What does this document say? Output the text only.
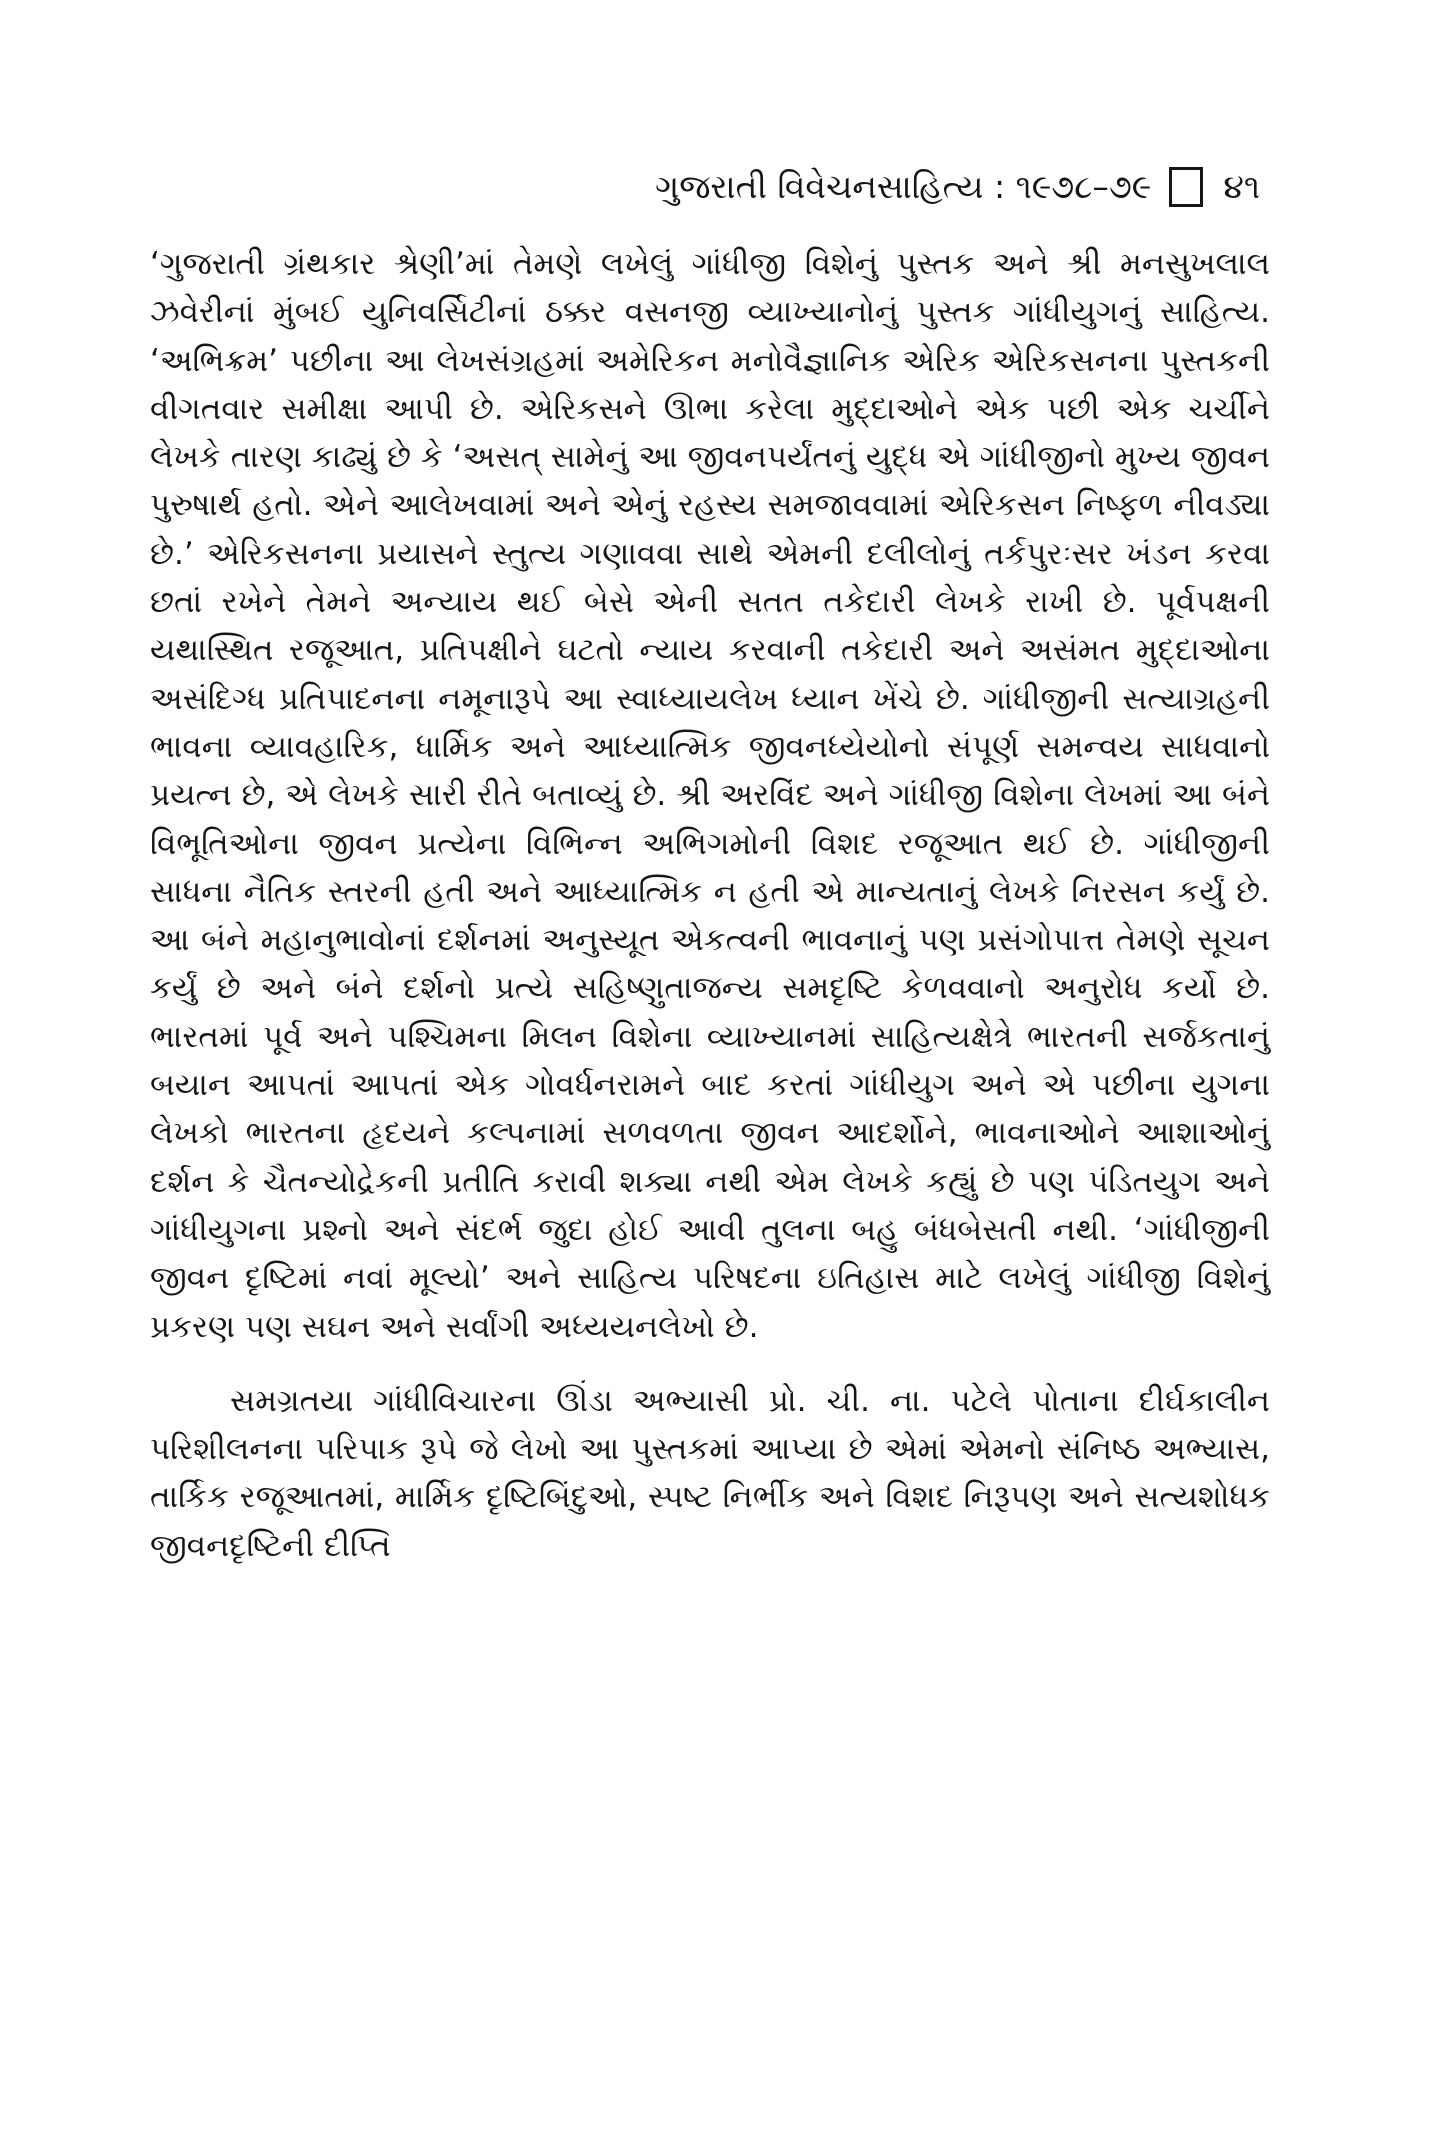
ગુજરાતી વિવેચનસાહિત્ય : ૧૯૭૮–૭૯ ૪૧

‘ગુજરાતી ગ્રંથકાર શ્રેણી’માં તેમણે લખેલું ગાંધીજી વિશેનું પુસ્તક અને શ્રી મનસુખલાલ ઝવેરીનાં મુંબઈ યુનિવર્સિટીનાં ઠક્કર વસનજી વ્યાખ્યાનોનું પુસ્તક ગાંધીયુગનું સાહિત્ય. ‘અભિક્રમ’ પછીના આ લેખસંગ્રહમાં અમેરિકન મનોવૈજ્ઞાનિક એરિક એરિકસનના પુસ્તકની વીગતવાર સમીક્ષા આપી છે. એરિકસને ઊભા કરેલા મુદ્દાઓને એક પછી એક ચર્ચીને લેખકે તારણ કાઢ્યું છે કે ‘અસત્ સામેનું આ જીવનપર્યંતનું યુદ્ધ એ ગાંધીજીનો મુખ્ય જીવન પુરુષાર્થ હતો. એને આલેખવામાં અને એનું રહસ્ય સમજાવવામાં એરિકસન નિષ્ફળ નીવડ્યા છે.’ એરિકસનના પ્રયાસને સ્તુત્ય ગણાવવા સાથે એમની દલીલોનું તર્કપુરઃસર ખંડન કરવા છતાં રખેને તેમને અન્યાય થઈ બેસે એની સતત તકેદારી લેખકે રાખી છે. પૂર્વપક્ષની યથાસ્થિત રજૂઆત, પ્રતિપક્ષીને ઘટતો ન્યાય કરવાની તકેદારી અને અસંમત મુદ્દાઓના અસંદિગ્ધ પ્રતિપાદનના નમૂનારૂપે આ સ્વાધ્યાયલેખ ધ્યાન ખેંચે છે. ગાંધીજીની સત્યાગ્રહની ભાવના વ્યાવહારિક, ધાર્મિક અને આધ્યાત્મિક જીવનધ્યેયોનો સંપૂર્ણ સમન્વય સાધવાનો પ્રયત્ન છે, એ લેખકે સારી રીતે બતાવ્યું છે. શ્રી અરવિંદ અને ગાંધીજી વિશેના લેખમાં આ બંને વિભૂતિઓના જીવન પ્રત્યેના વિભિન્ન અભિગમોની વિશદ રજૂઆત થઈ છે. ગાંધીજીની સાધના નૈતિક સ્તરની હતી અને આધ્યાત્મિક ન હતી એ માન્યતાનું લેખકે નિરસન કર્યું છે. આ બંને મહાનુભાવોનાં દર્શનમાં અનુસ્યૂત એકત્વની ભાવનાનું પણ પ્રસંગોપાત્ત તેમણે સૂચન કર્યું છે અને બંને દર્શનો પ્રત્યે સહિષ્ણુતાજન્ય સમદૃષ્ટિ કેળવવાનો અનુરોધ કર્યો છે. ભારતમાં પૂર્વ અને પશ્ચિમના મિલન વિશેના વ્યાખ્યાનમાં સાહિત્યક્ષેત્રે ભારતની સર્જકતાનું બયાન આપતાં આપતાં એક ગોવર્ધનરામને બાદ કરતાં ગાંધીયુગ અને એ પછીના યુગના લેખકો ભારતના હૃદયને કલ્પનામાં સળવળતા જીવન આદર્શોને, ભાવનાઓને આશાઓનું દર્શન કે ચૈતન્યોદ્રેકની પ્રતીતિ કરાવી શક્યા નથી એમ લેખકે કહ્યું છે પણ પંડિતયુગ અને ગાંધીયુગના પ્રશ્નો અને સંદર્ભ જુદા હોઈ આવી તુલના બહુ બંધબેસતી નથી. ‘ગાંધીજીની જીવન દૃષ્ટિમાં નવાં મૂલ્યો’ અને સાહિત્ય પરિષદના ઇતિહાસ માટે લખેલું ગાંધીજી વિશેનું પ્રકરણ પણ સઘન અને સર્વાંગી અધ્યયનલેખો છે.

સમગ્રતયા ગાંધીવિચારના ઊંડા અભ્યાસી પ્રો. ચી. ના. પટેલે પોતાના દીર્ઘકાલીન પરિશીલનના પરિપાક રૂપે જે લેખો આ પુસ્તકમાં આપ્યા છે એમાં એમનો સંનિષ્ઠ અભ્યાસ, તાર્કિક રજૂઆતમાં, માર્મિક દૃષ્ટિબિંદુઓ, સ્પષ્ટ નિર્ભીક અને વિશદ નિરૂપણ અને સત્યશોધક જીવનદૃષ્ટિની દીપ્તિ
